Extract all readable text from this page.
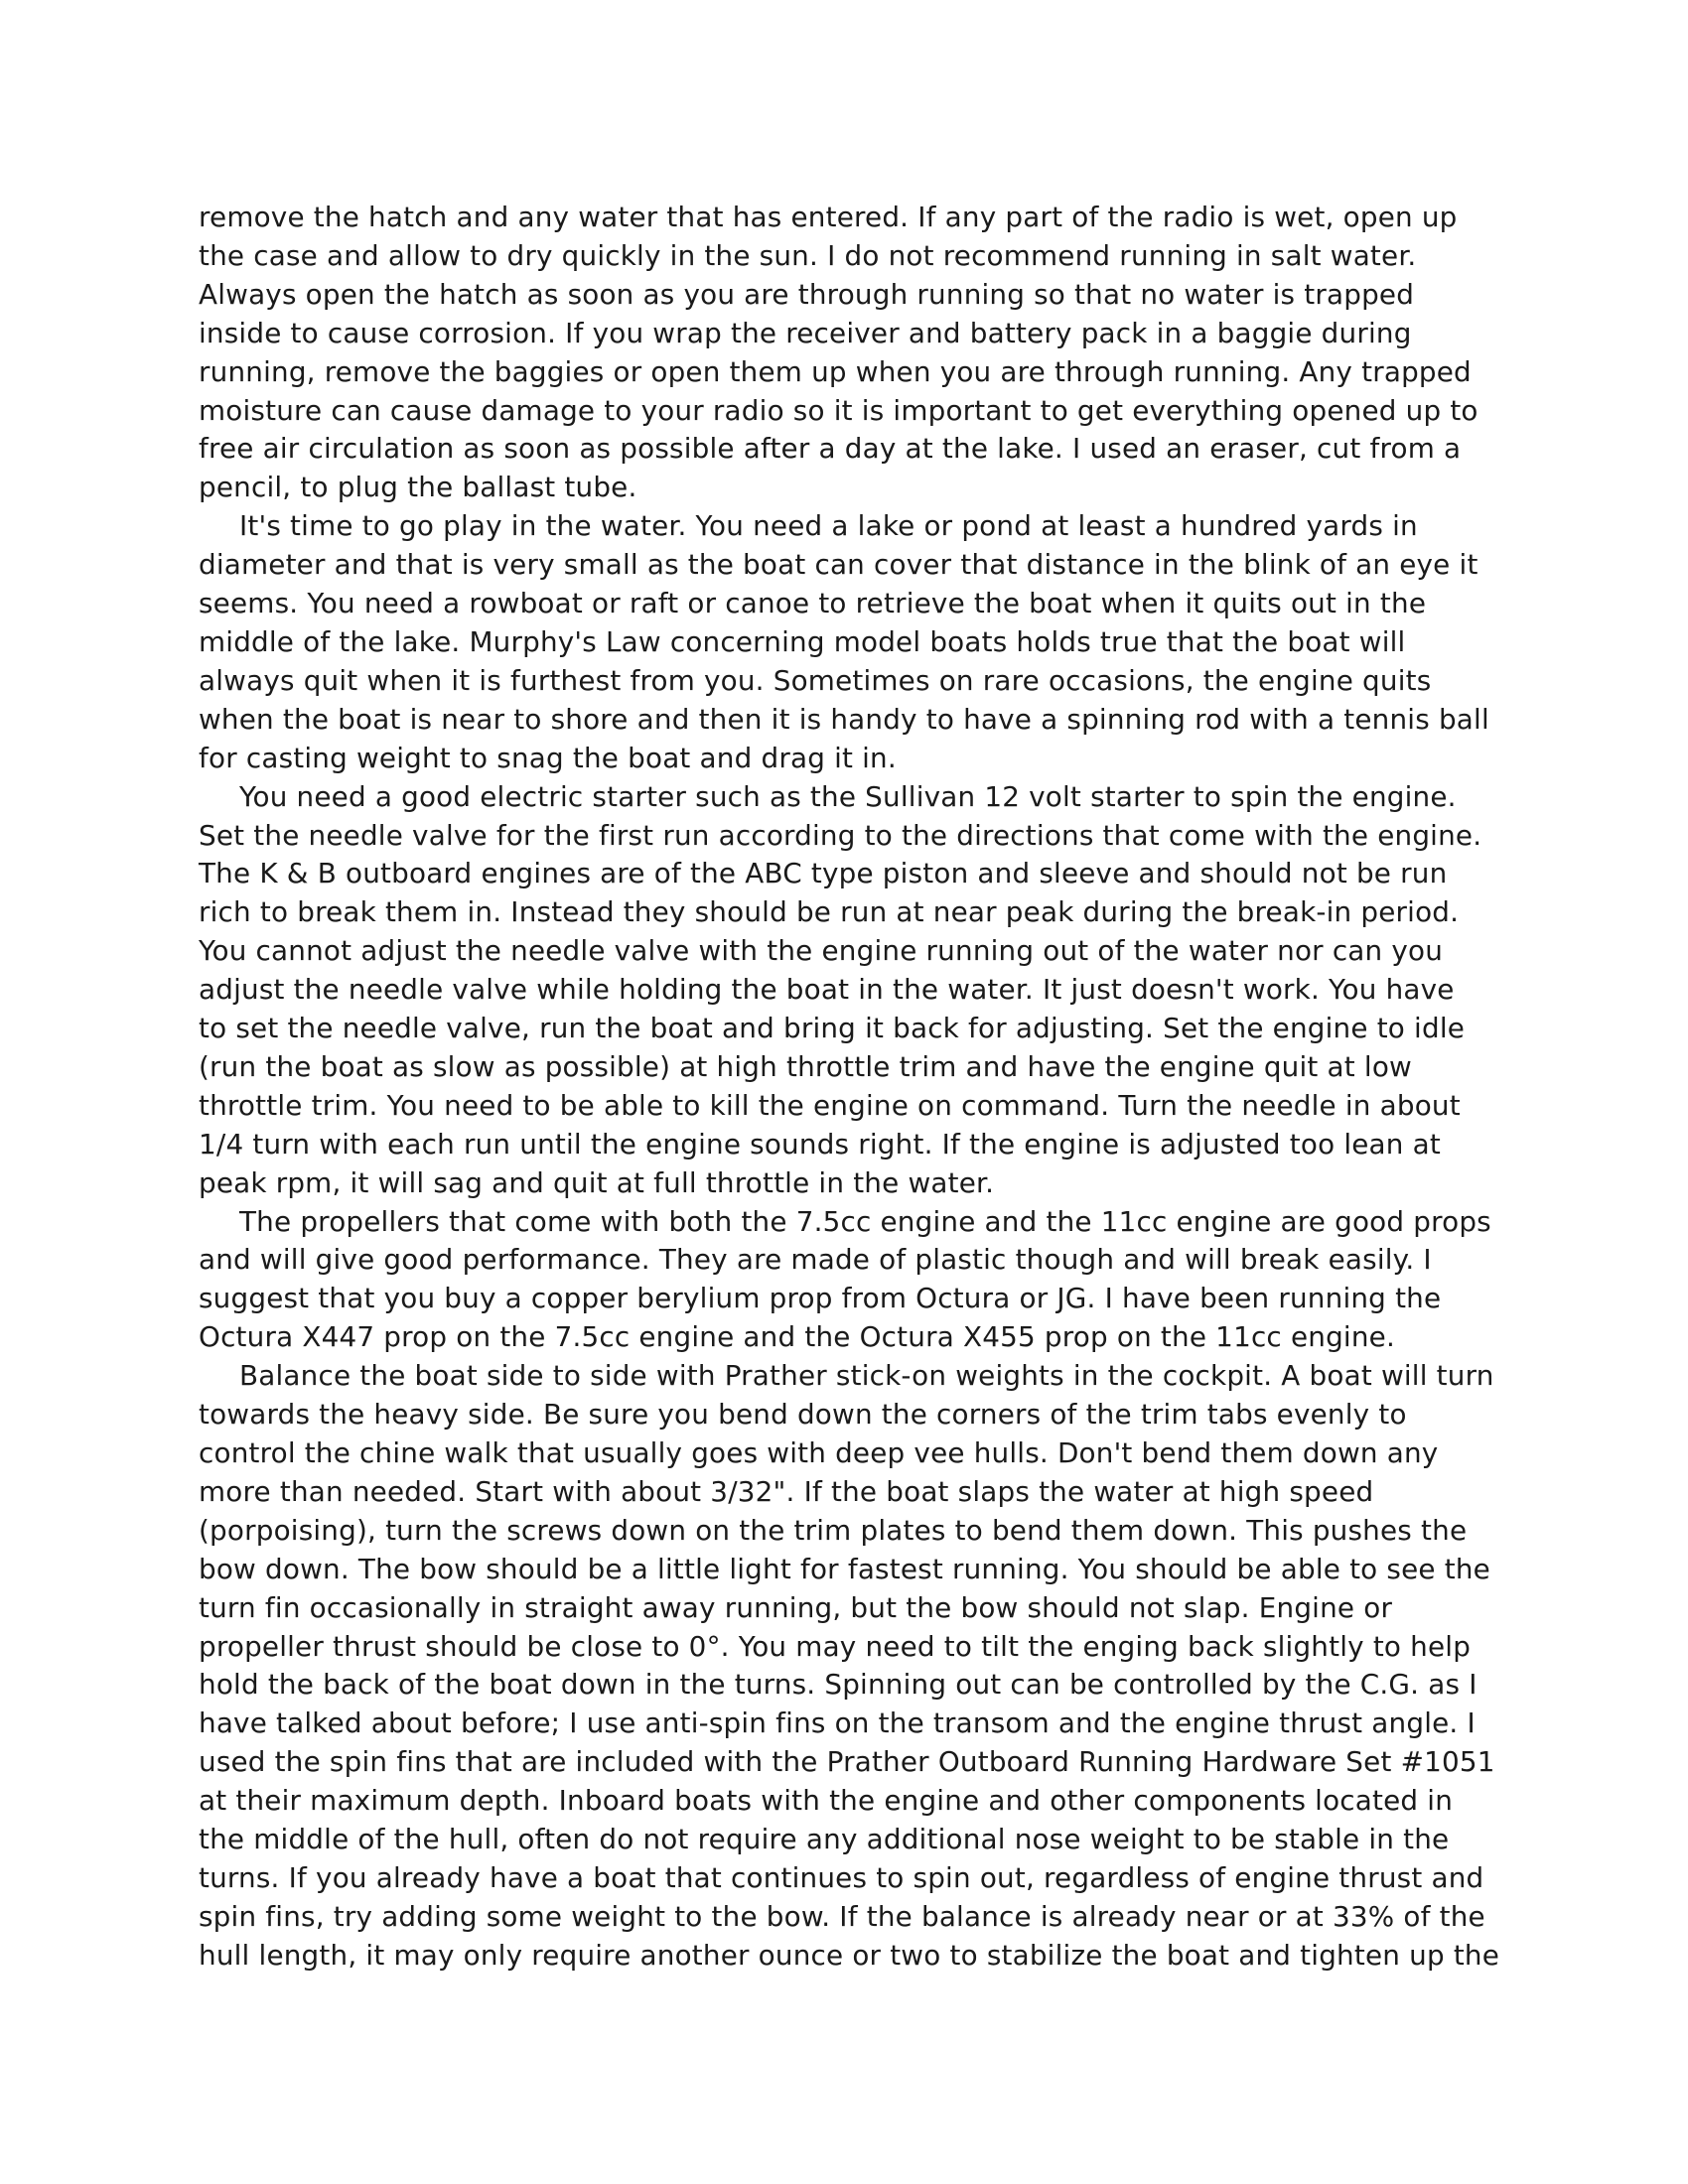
remove the hatch and any water that has entered. If any part of the radio is wet, open up
the case and allow to dry quickly in the sun. I do not recommend running in salt water.
Always open the hatch as soon as you are through running so that no water is trapped
inside to cause corrosion. If you wrap the receiver and battery pack in a baggie during
running, remove the baggies or open them up when you are through running. Any trapped
moisture can cause damage to your radio so it is important to get everything opened up to
free air circulation as soon as possible after a day at the lake. I used an eraser, cut from a
pencil, to plug the ballast tube.
It's time to go play in the water. You need a lake or pond at least a hundred yards in
diameter and that is very small as the boat can cover that distance in the blink of an eye it
seems. You need a rowboat or raft or canoe to retrieve the boat when it quits out in the
middle of the lake. Murphy's Law concerning model boats holds true that the boat will
always quit when it is furthest from you. Sometimes on rare occasions, the engine quits
when the boat is near to shore and then it is handy to have a spinning rod with a tennis ball
for casting weight to snag the boat and drag it in.
You need a good electric starter such as the Sullivan 12 volt starter to spin the engine.
Set the needle valve for the first run according to the directions that come with the engine.
The K & B outboard engines are of the ABC type piston and sleeve and should not be run
rich to break them in. Instead they should be run at near peak during the break-in period.
You cannot adjust the needle valve with the engine running out of the water nor can you
adjust the needle valve while holding the boat in the water. It just doesn't work. You have
to set the needle valve, run the boat and bring it back for adjusting. Set the engine to idle
(run the boat as slow as possible) at high throttle trim and have the engine quit at low
throttle trim. You need to be able to kill the engine on command. Turn the needle in about
1/4 turn with each run until the engine sounds right. If the engine is adjusted too lean at
peak rpm, it will sag and quit at full throttle in the water.
The propellers that come with both the 7.5cc engine and the 11cc engine are good props
and will give good performance. They are made of plastic though and will break easily. I
suggest that you buy a copper berylium prop from Octura or JG. I have been running the
Octura X447 prop on the 7.5cc engine and the Octura X455 prop on the 11cc engine.
Balance the boat side to side with Prather stick-on weights in the cockpit. A boat will turn
towards the heavy side. Be sure you bend down the corners of the trim tabs evenly to
control the chine walk that usually goes with deep vee hulls. Don't bend them down any
more than needed. Start with about 3/32". If the boat slaps the water at high speed
(porpoising), turn the screws down on the trim plates to bend them down. This pushes the
bow down. The bow should be a little light for fastest running. You should be able to see the
turn fin occasionally in straight away running, but the bow should not slap. Engine or
propeller thrust should be close to 0°. You may need to tilt the enging back slightly to help
hold the back of the boat down in the turns. Spinning out can be controlled by the C.G. as I
have talked about before; I use anti-spin fins on the transom and the engine thrust angle. I
used the spin fins that are included with the Prather Outboard Running Hardware Set #1051
at their maximum depth. Inboard boats with the engine and other components located in
the middle of the hull, often do not require any additional nose weight to be stable in the
turns. If you already have a boat that continues to spin out, regardless of engine thrust and
spin fins, try adding some weight to the bow. If the balance is already near or at 33% of the
hull length, it may only require another ounce or two to stabilize the boat and tighten up the
